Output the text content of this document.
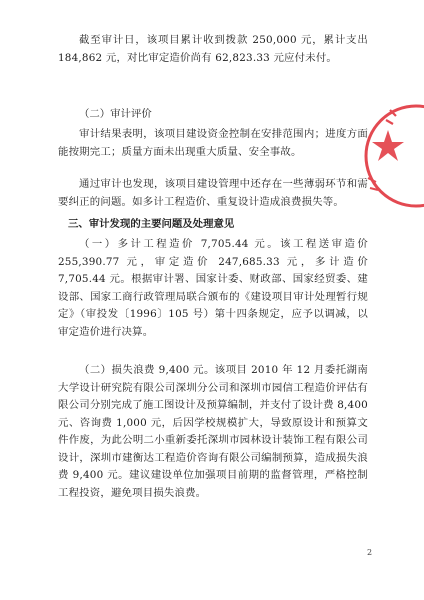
截至审计日，该项目累计收到拨款 250,000 元，累计支出 184,862 元，对比审定造价尚有 62,823.33 元应付未付。

（二）审计评价

审计结果表明，该项目建设资金控制在安排范围内；进度方面能按期完工；质量方面未出现重大质量、安全事故。

通过审计也发现，该项目建设管理中还存在一些薄弱环节和需要纠正的问题。如多计工程造价、重复设计造成浪费损失等。

三、审计发现的主要问题及处理意见

（一）多计工程造价 7,705.44 元。该工程送审造价 255,390.77 元，审定造价 247,685.33 元，多计造价 7,705.44 元。根据审计署、国家计委、财政部、国家经贸委、建设部、国家工商行政管理局联合颁布的《建设项目审计处理暂行规定》（审投发〔1996〕105 号）第十四条规定，应予以调减，以审定造价进行决算。

（二）损失浪费 9,400 元。该项目 2010 年 12 月委托湖南大学设计研究院有限公司深圳分公司和深圳市园信工程造价评估有限公司分别完成了施工图设计及预算编制，并支付了设计费 8,400 元、咨询费 1,000 元，后因学校规模扩大，导致原设计和预算文件作废，为此公明二小重新委托深圳市园林设计装饰工程有限公司设计，深圳市建衡达工程造价咨询有限公司编制预算，造成损失浪费 9,400 元。建议建设单位加强项目前期的监督管理，严格控制工程投资，避免项目损失浪费。

2
